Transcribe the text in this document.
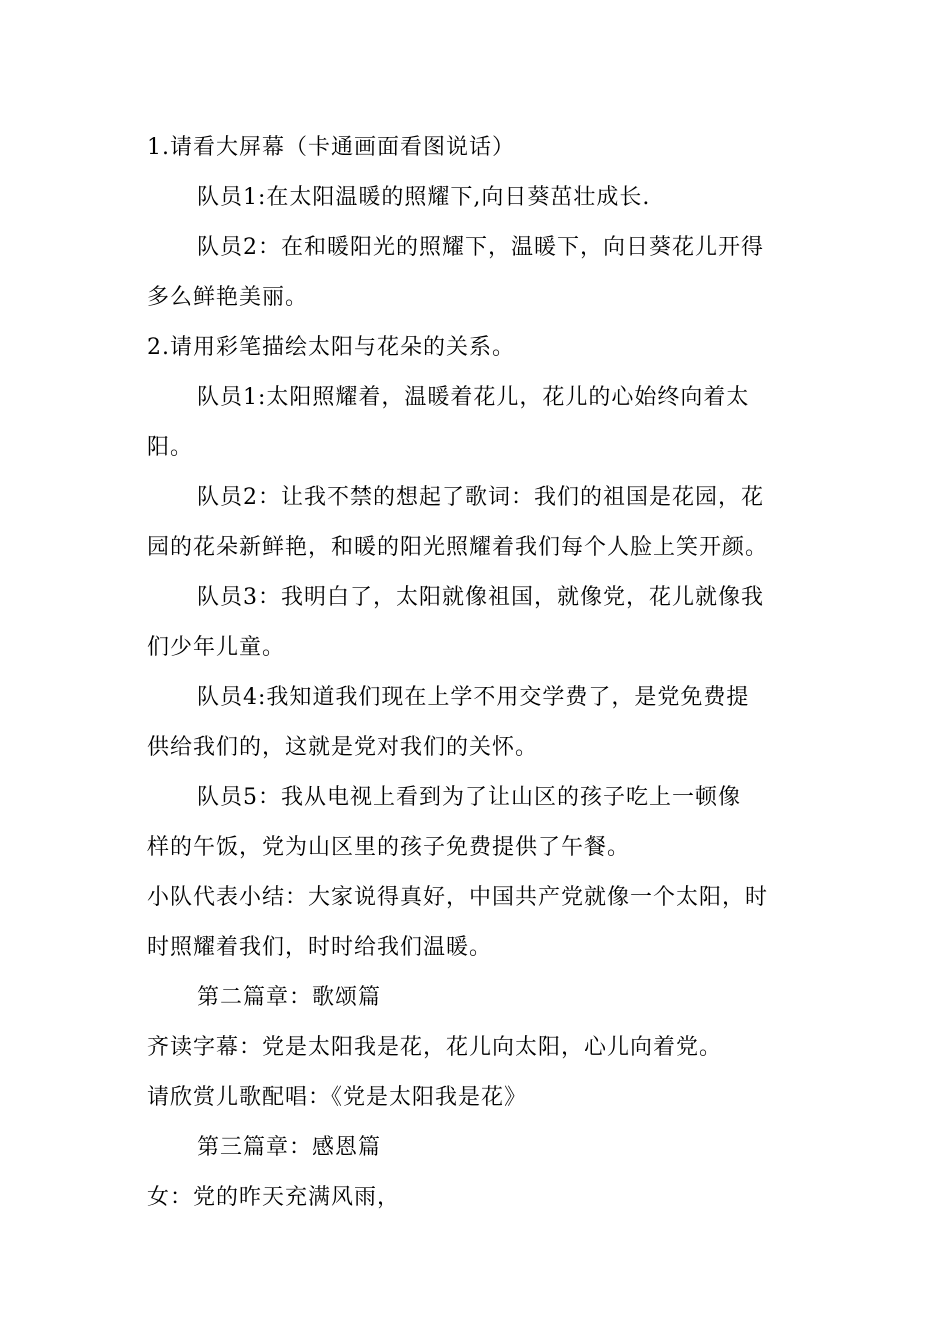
1.请看大屏幕（卡通画面看图说话）
队员1:在太阳温暖的照耀下,向日葵茁壮成长.
队员2：在和暖阳光的照耀下，温暖下，向日葵花儿开得
多么鲜艳美丽。
2.请用彩笔描绘太阳与花朵的关系。
队员1:太阳照耀着，温暖着花儿，花儿的心始终向着太
阳。
队员2：让我不禁的想起了歌词：我们的祖国是花园，花
园的花朵新鲜艳，和暖的阳光照耀着我们每个人脸上笑开颜。
队员3：我明白了，太阳就像祖国，就像党，花儿就像我
们少年儿童。
队员4:我知道我们现在上学不用交学费了，是党免费提
供给我们的，这就是党对我们的关怀。
队员5：我从电视上看到为了让山区的孩子吃上一顿像
样的午饭，党为山区里的孩子免费提供了午餐。
小队代表小结：大家说得真好，中国共产党就像一个太阳，时
时照耀着我们，时时给我们温暖。
第二篇章：歌颂篇
齐读字幕：党是太阳我是花，花儿向太阳，心儿向着党。
请欣赏儿歌配唱：《党是太阳我是花》
第三篇章：感恩篇
女：党的昨天充满风雨，
